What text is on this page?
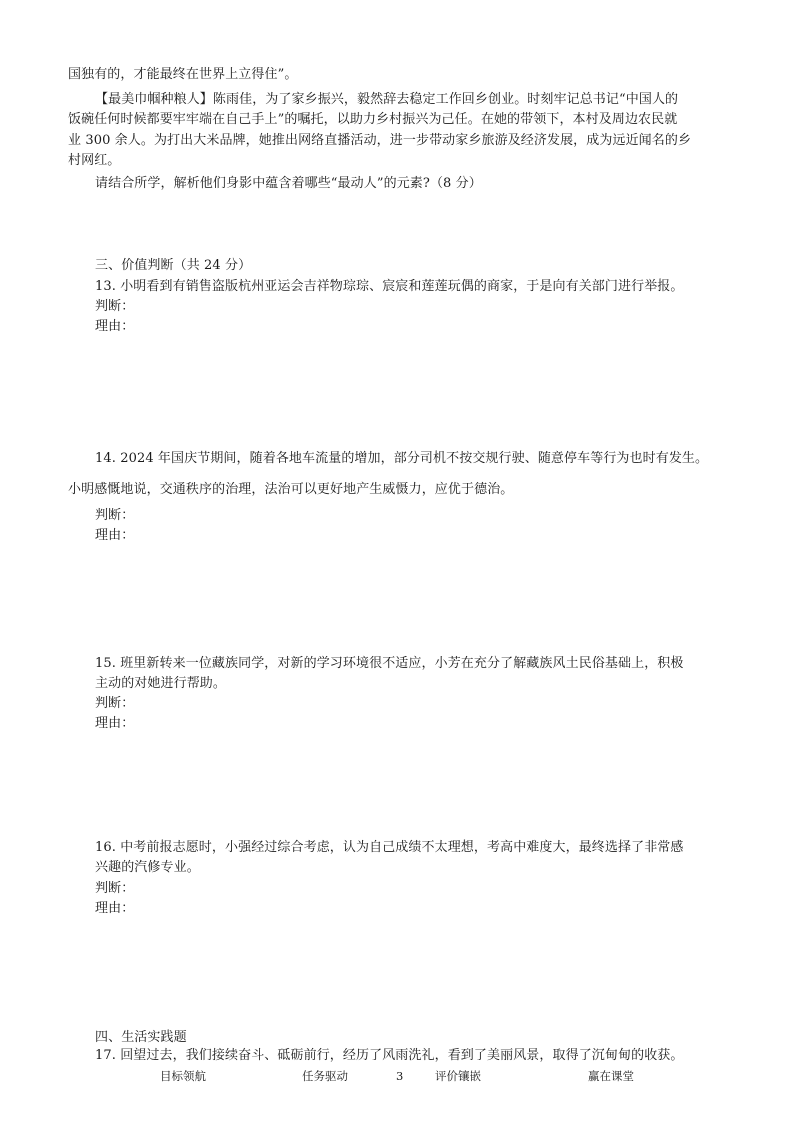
国独有的，才能最终在世界上立得住”。
【最美巾帼种粮人】陈雨佳，为了家乡振兴，毅然辞去稳定工作回乡创业。时刻牢记总书记“中国人的
饭碗任何时候都要牢牢端在自己手上”的嘱托，以助力乡村振兴为己任。在她的带领下，本村及周边农民就
业 300 余人。为打出大米品牌，她推出网络直播活动，进一步带动家乡旅游及经济发展，成为远近闻名的乡
村网红。
请结合所学，解析他们身影中蕴含着哪些“最动人”的元素?（8 分）
三、价值判断（共 24 分）
13. 小明看到有销售盗版杭州亚运会吉祥物琮琮、宸宸和莲莲玩偶的商家，于是向有关部门进行举报。
判断：
理由：
14. 2024 年国庆节期间，随着各地车流量的增加，部分司机不按交规行驶、随意停车等行为也时有发生。
小明感慨地说，交通秩序的治理，法治可以更好地产生威慑力，应优于德治。
判断：
理由：
15. 班里新转来一位藏族同学，对新的学习环境很不适应，小芳在充分了解藏族风土民俗基础上，积极
主动的对她进行帮助。
判断：
理由：
16. 中考前报志愿时，小强经过综合考虑，认为自己成绩不太理想，考高中难度大，最终选择了非常感
兴趣的汽修专业。
判断：
理由：
四、生活实践题
17. 回望过去，我们接续奋斗、砥砺前行，经历了风雨洗礼，看到了美丽风景，取得了沉甸甸的收获。
目标领航	任务驱动	3	评价镶嵌	赢在课堂
